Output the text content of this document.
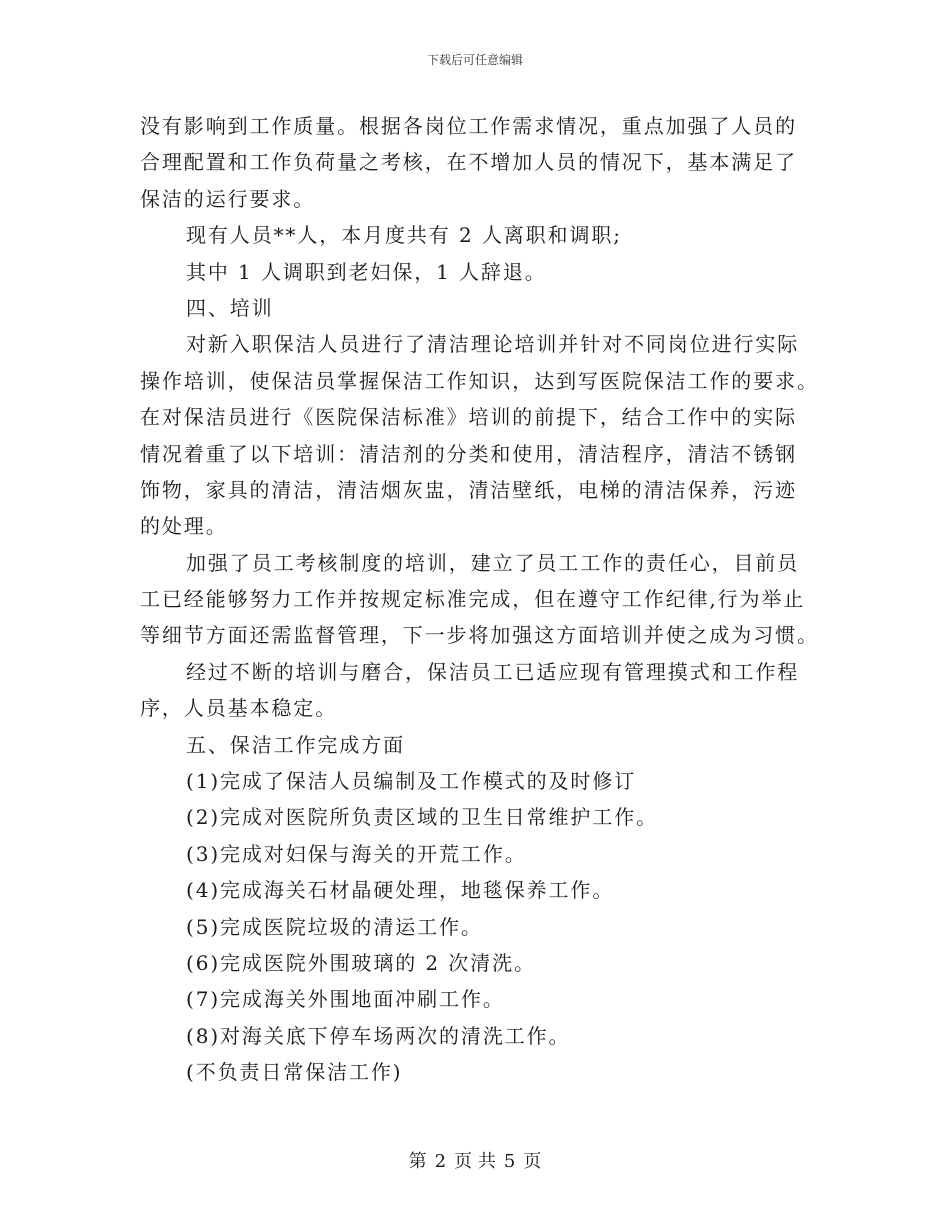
下载后可任意编辑
没有影响到工作质量。根据各岗位工作需求情况，重点加强了人员的
合理配置和工作负荷量之考核，在不增加人员的情况下，基本满足了
保洁的运行要求。
现有人员**人，本月度共有 2 人离职和调职;
其中 1 人调职到老妇保，1 人辞退。
四、培训
对新入职保洁人员进行了清洁理论培训并针对不同岗位进行实际
操作培训，使保洁员掌握保洁工作知识，达到写医院保洁工作的要求。
在对保洁员进行《医院保洁标准》培训的前提下，结合工作中的实际
情况着重了以下培训：清洁剂的分类和使用，清洁程序，清洁不锈钢
饰物，家具的清洁，清洁烟灰盅，清洁壁纸，电梯的清洁保养，污迹
的处理。
加强了员工考核制度的培训，建立了员工工作的责任心，目前员
工已经能够努力工作并按规定标准完成，但在遵守工作纪律,行为举止
等细节方面还需监督管理，下一步将加强这方面培训并使之成为习惯。
经过不断的培训与磨合，保洁员工已适应现有管理摸式和工作程
序，人员基本稳定。
五、保洁工作完成方面
(1)完成了保洁人员编制及工作模式的及时修订
(2)完成对医院所负责区域的卫生日常维护工作。
(3)完成对妇保与海关的开荒工作。
(4)完成海关石材晶硬处理，地毯保养工作。
(5)完成医院垃圾的清运工作。
(6)完成医院外围玻璃的 2 次清洗。
(7)完成海关外围地面冲刷工作。
(8)对海关底下停车场两次的清洗工作。
(不负责日常保洁工作)
第 2 页 共 5 页
